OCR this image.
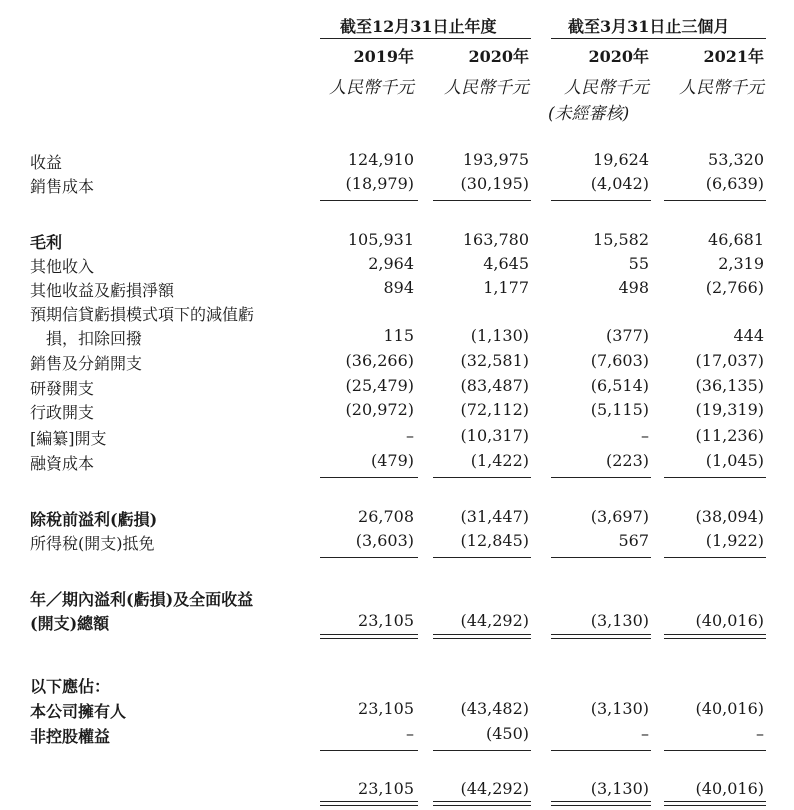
截至12月31日止年度	截至3月31日止三個月
2019年	2020年	2020年	2021年
人民幣千元 人民幣千元 人民幣千元 人民幣千元
(未經審核)
收益	124,910	193,975	19,624	53,320
銷售成本	(18,979)	(30,195)	(4,042)	(6,639)
毛利	105,931	163,780	15,582	46,681
其他收入	2,964	4,645	55	2,319
其他收益及虧損淨額	894	1,177	498	(2,766)
預期信貸虧損模式項下的減值虧
損，扣除回撥	115	(1,130)	(377)	444
銷售及分銷開支	(36,266)	(32,581)	(7,603)	(17,037)
研發開支	(25,479)	(83,487)	(6,514)	(36,135)
行政開支	(20,972)	(72,112)	(5,115)	(19,319)
[編纂]開支	–	(10,317)	–	(11,236)
融資成本	(479)	(1,422)	(223)	(1,045)
除稅前溢利(虧損)	26,708	(31,447)	(3,697)	(38,094)
所得稅(開支)抵免	(3,603)	(12,845)	567	(1,922)
年／期內溢利(虧損)及全面收益
(開支)總額	23,105	(44,292)	(3,130)	(40,016)
以下應佔：
本公司擁有人	23,105	(43,482)	(3,130)	(40,016)
非控股權益	–	(450)	–	–
23,105	(44,292)	(3,130)	(40,016)
